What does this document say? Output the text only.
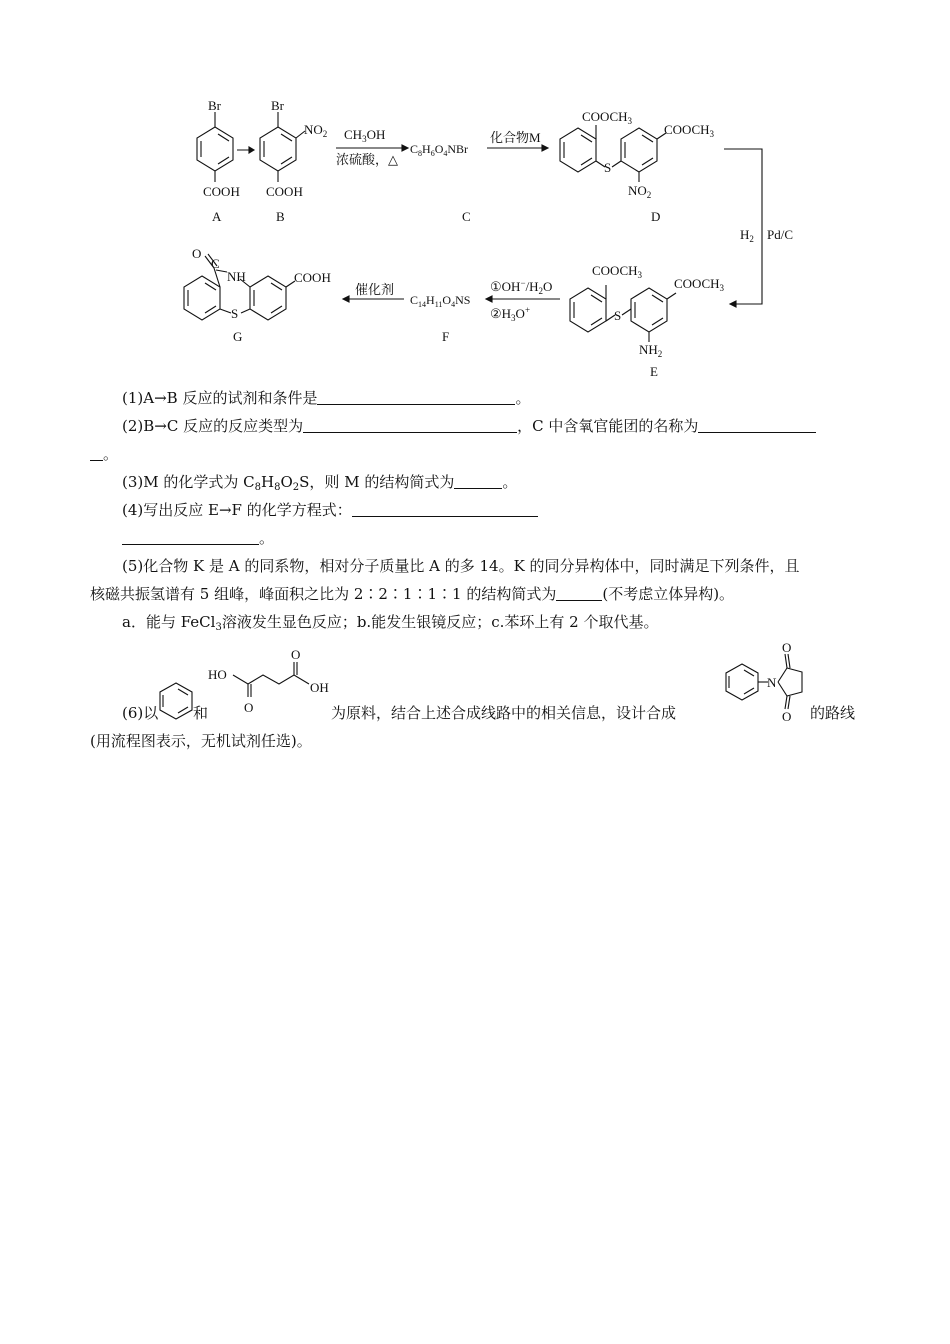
Br
COOH
A
Br
$NO_2$
COOH
B
$CH_3OH$
浓硫酸，△
$C_8H_6O_4NBr$
C
化合物M
$COOCH_3$
$COOCH_3$
S
$NO_2$
D
$H_2$ Pd/C
$COOCH_3$
$COOCH_3$
S
$NH_2$
E
$①OH^-/H_2O$
$②H_3O^+$
$C_{14}H_{11}O_4NS$
F
催化剂
O
C
NH	COOH
S
G
(1)A→B 反应的试剂和条件是	。
(2)B→C 反应的反应类型为	，C 中含氧官能团的名称为
。
(3)M 的化学式为 $C_8H_8O_2S$，则 M 的结构简式为	。
(4)写出反应 E→F 的化学方程式：
。
(5)化合物 K 是 A 的同系物，相对分子质量比 A 的多 14。K 的同分异构体中，同时满足下列条件，且
核磁共振氢谱有 5 组峰，峰面积之比为 2∶2∶1∶1∶1 的结构简式为	(不考虑立体异构)。
a．能与 FeCl$_3$溶液发生显色反应；b.能发生银镜反应；c.苯环上有 2 个取代基。
HO
OH
O
O
N
O
O
(6)以 和	为原料，结合上述合成线路中的相关信息，设计合成	的路线
(用流程图表示，无机试剂任选)。
